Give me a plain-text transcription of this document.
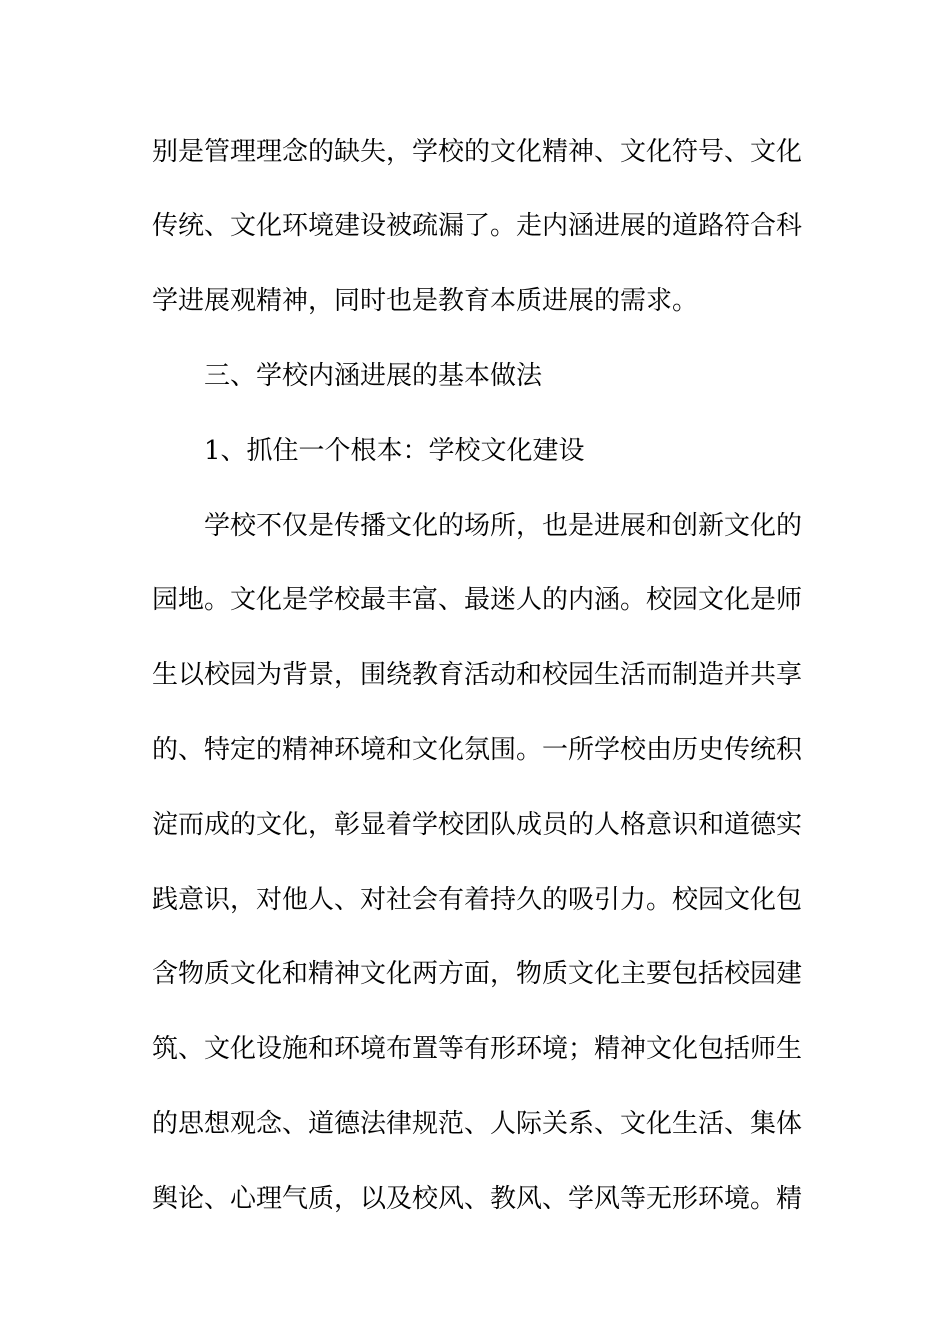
别是管理理念的缺失，学校的文化精神、文化符号、文化
传统、文化环境建设被疏漏了。走内涵进展的道路符合科
学进展观精神，同时也是教育本质进展的需求。
三、学校内涵进展的基本做法
1、抓住一个根本：学校文化建设
学校不仅是传播文化的场所，也是进展和创新文化的
园地。文化是学校最丰富、最迷人的内涵。校园文化是师
生以校园为背景，围绕教育活动和校园生活而制造并共享
的、特定的精神环境和文化氛围。一所学校由历史传统积
淀而成的文化，彰显着学校团队成员的人格意识和道德实
践意识，对他人、对社会有着持久的吸引力。校园文化包
含物质文化和精神文化两方面，物质文化主要包括校园建
筑、文化设施和环境布置等有形环境；精神文化包括师生
的思想观念、道德法律规范、人际关系、文化生活、集体
舆论、心理气质，以及校风、教风、学风等无形环境。精
